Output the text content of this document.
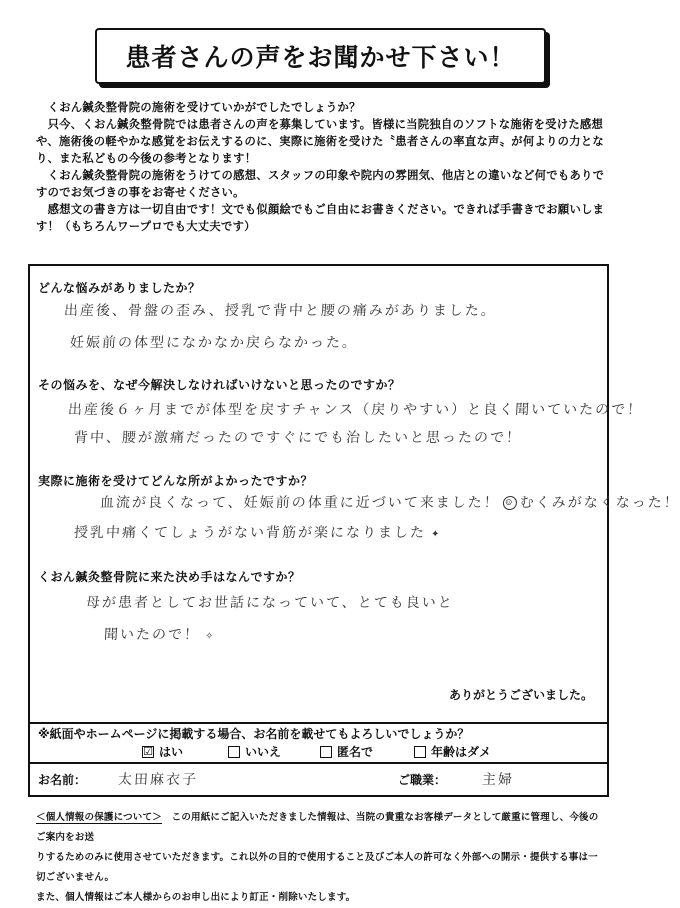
患者さんの声をお聞かせ下さい！

　くおん鍼灸整骨院の施術を受けていかがでしたでしょうか？

　只今、くおん鍼灸整骨院では患者さんの声を募集しています。皆様に当院独自のソフトな施術を受けた感想や、施術後の軽やかな感覚をお伝えするのに、実際に施術を受けた〝患者さんの率直な声〟が何よりの力となり、また私どもの今後の参考となります！

　くおん鍼灸整骨院の施術をうけての感想、スタッフの印象や院内の雰囲気、他店との違いなど何でもありですのでお気づきの事をお寄せください。

　感想文の書き方は一切自由です！文でも似顔絵でもご自由にお書きください。できれば手書きでお願いします！（もちろんワープロでも大丈夫です）

どんな悩みがありましたか？
出産後、骨盤の歪み、授乳で背中と腰の痛みがありました。
妊娠前の体型になかなか戻らなかった。
その悩みを、なぜ今解決しなければいけないと思ったのですか？
出産後６ヶ月までが体型を戻すチャンス（戻りやすい）と良く聞いていたので！
背中、腰が激痛だったのですぐにでも治したいと思ったので！
実際に施術を受けてどんな所がよかったですか？
血流が良くなって、妊娠前の体重に近づいて来ました！ ☺ むくみがなくなった！
授乳中痛くてしょうがない背筋が楽になりました ✦
くおん鍼灸整骨院に来た決め手はなんですか？
母が患者としてお世話になっていて、とても良いと
聞いたので！ ✧
ありがとうございました。
※紙面やホームページに掲載する場合、お名前を載せてもよろしいでしょうか？
☑ はい	いいえ	匿名で	年齢はダメ
お名前： 太田麻衣子	ご職業：	主婦

＜個人情報の保護について＞　この用紙にご記入いただきました情報は、当院の貴重なお客様データとして厳重に管理し、今後のご案内をお送

りするためのみに使用させていただきます。これ以外の目的で使用すること及びご本人の許可なく外部への開示・提供する事は一切ございません。

また、個人情報はご本人様からのお申し出により訂正・削除いたします。
